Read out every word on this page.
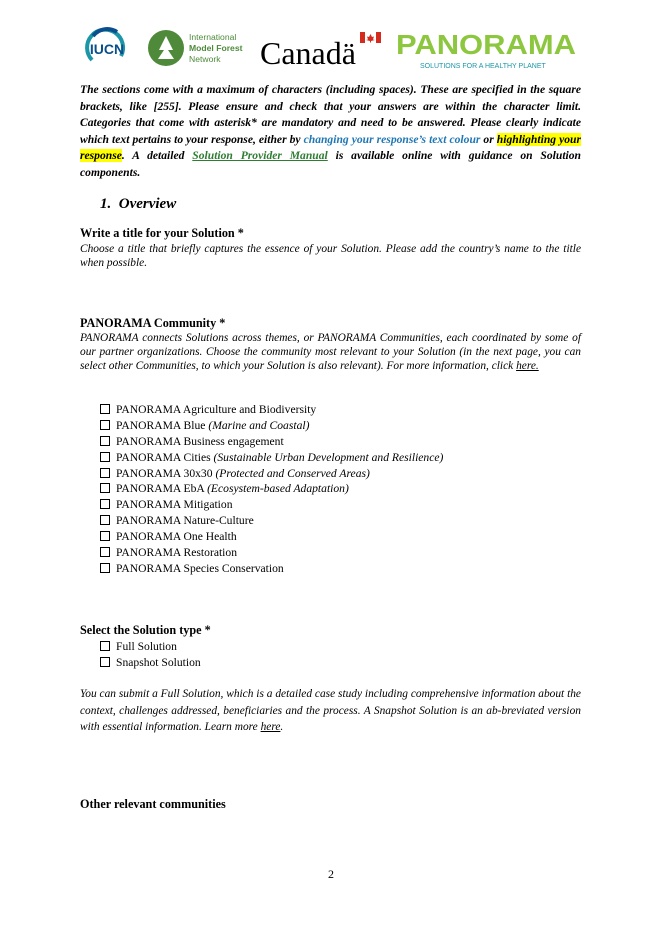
IUCN
International
Model Forest
Network Canadä PANORAMA
SOLUTIONS FOR A HEALTHY PLANET

The sections come with a maximum of characters (including spaces). These are specified in the square brackets, like [255]. Please ensure and check that your answers are within the character limit. Categories that come with asterisk* are mandatory and need to be answered. Please clearly indicate which text pertains to your response, either by changing your response’s text colour or highlighting your response. A detailed Solution Provider Manual is available online with guidance on Solution components.

1. Overview

Write a title for your Solution *

Choose a title that briefly captures the essence of your Solution. Please add the country’s name to the title when possible.

PANORAMA Community *

PANORAMA connects Solutions across themes, or PANORAMA Communities, each coordinated by some of our partner organizations. Choose the community most relevant to your Solution (in the next page, you can select other Communities, to which your Solution is also relevant). For more information, click here.

PANORAMA Agriculture and Biodiversity
PANORAMA Blue (Marine and Coastal)
PANORAMA Business engagement
PANORAMA Cities (Sustainable Urban Development and Resilience)
PANORAMA 30x30 (Protected and Conserved Areas)
PANORAMA EbA (Ecosystem-based Adaptation)
PANORAMA Mitigation
PANORAMA Nature-Culture
PANORAMA One Health
PANORAMA Restoration
PANORAMA Species Conservation

Select the Solution type *

Full Solution
Snapshot Solution

You can submit a Full Solution, which is a detailed case study including comprehensive information about the context, challenges addressed, beneficiaries and the process. A Snapshot Solution is an ab-breviated version with essential information. Learn more here.

Other relevant communities

2
